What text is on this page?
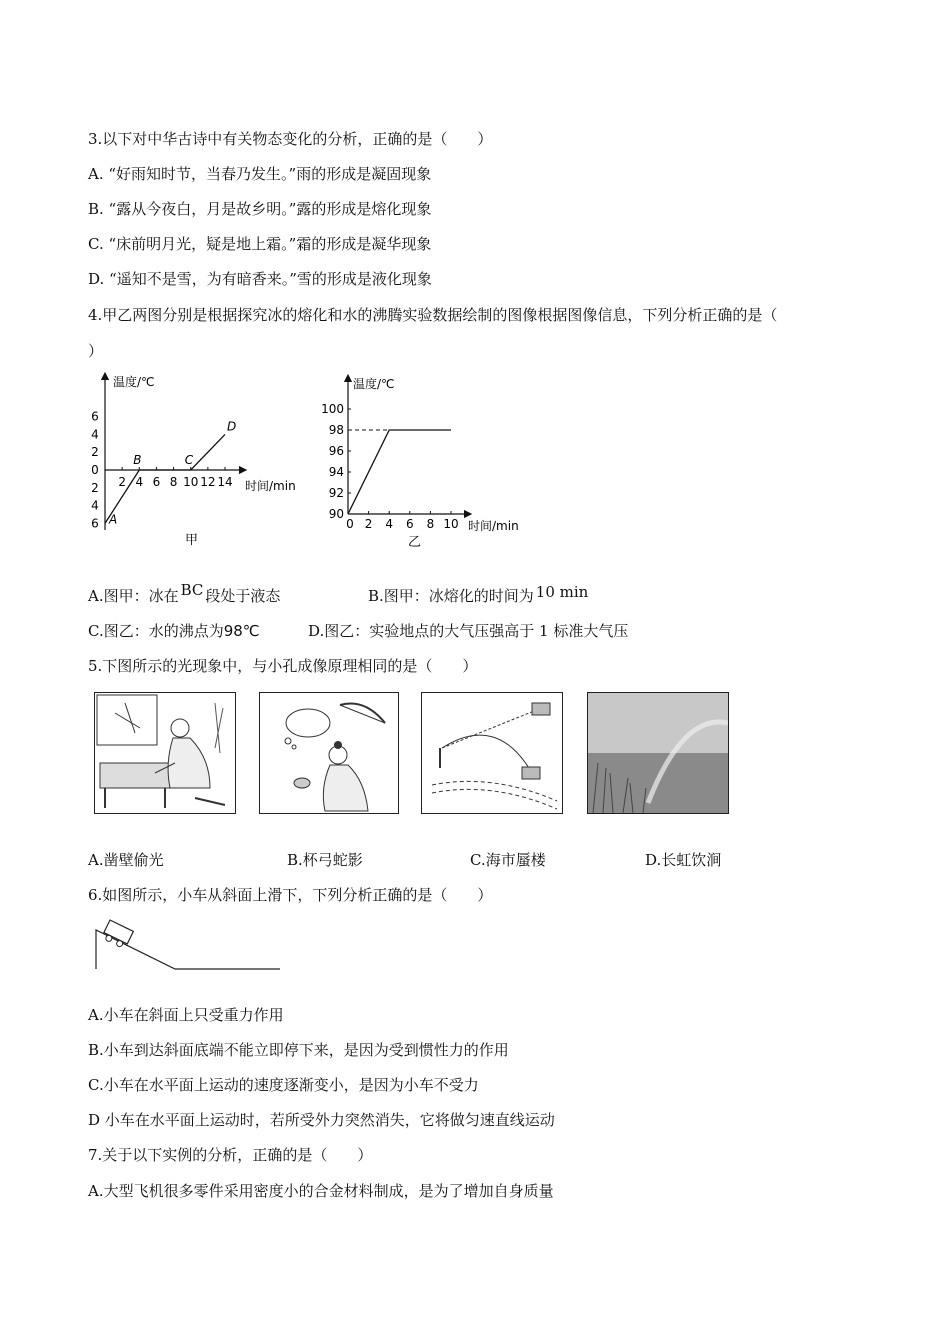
3.以下对中华古诗中有关物态变化的分析，正确的是（　　）
A. “好雨知时节，当春乃发生。”雨的形成是凝固现象
B. “露从今夜白，月是故乡明。”露的形成是熔化现象
C. “床前明月光，疑是地上霜。”霜的形成是凝华现象
D. “遥知不是雪，为有暗香来。”雪的形成是液化现象
4.甲乙两图分别是根据探究冰的熔化和水的沸腾实验数据绘制的图像根据图像信息，下列分析正确的是（
）
温度/℃
时间/min
6
4
2
0
2
4
6
2 4 6 8 10 12 14
A
B	C
D
甲
温度/℃
时间/min
90
92
94
96
98
100
0 2 4 6 8 10
乙
A.图甲：冰在 BC 段处于液态	B.图甲：冰熔化的时间为 10 min
C.图乙：水的沸点为98℃	D.图乙：实验地点的大气压强高于 1 标准大气压
5.下图所示的光现象中，与小孔成像原理相同的是（　　）
A.凿壁偷光	B.杯弓蛇影	C.海市蜃楼	D.长虹饮涧
6.如图所示，小车从斜面上滑下，下列分析正确的是（　　）
A.小车在斜面上只受重力作用
B.小车到达斜面底端不能立即停下来，是因为受到惯性力的作用
C.小车在水平面上运动的速度逐渐变小，是因为小车不受力
D 小车在水平面上运动时，若所受外力突然消失，它将做匀速直线运动
7.关于以下实例的分析，正确的是（　　）
A.大型飞机很多零件采用密度小的合金材料制成，是为了增加自身质量
